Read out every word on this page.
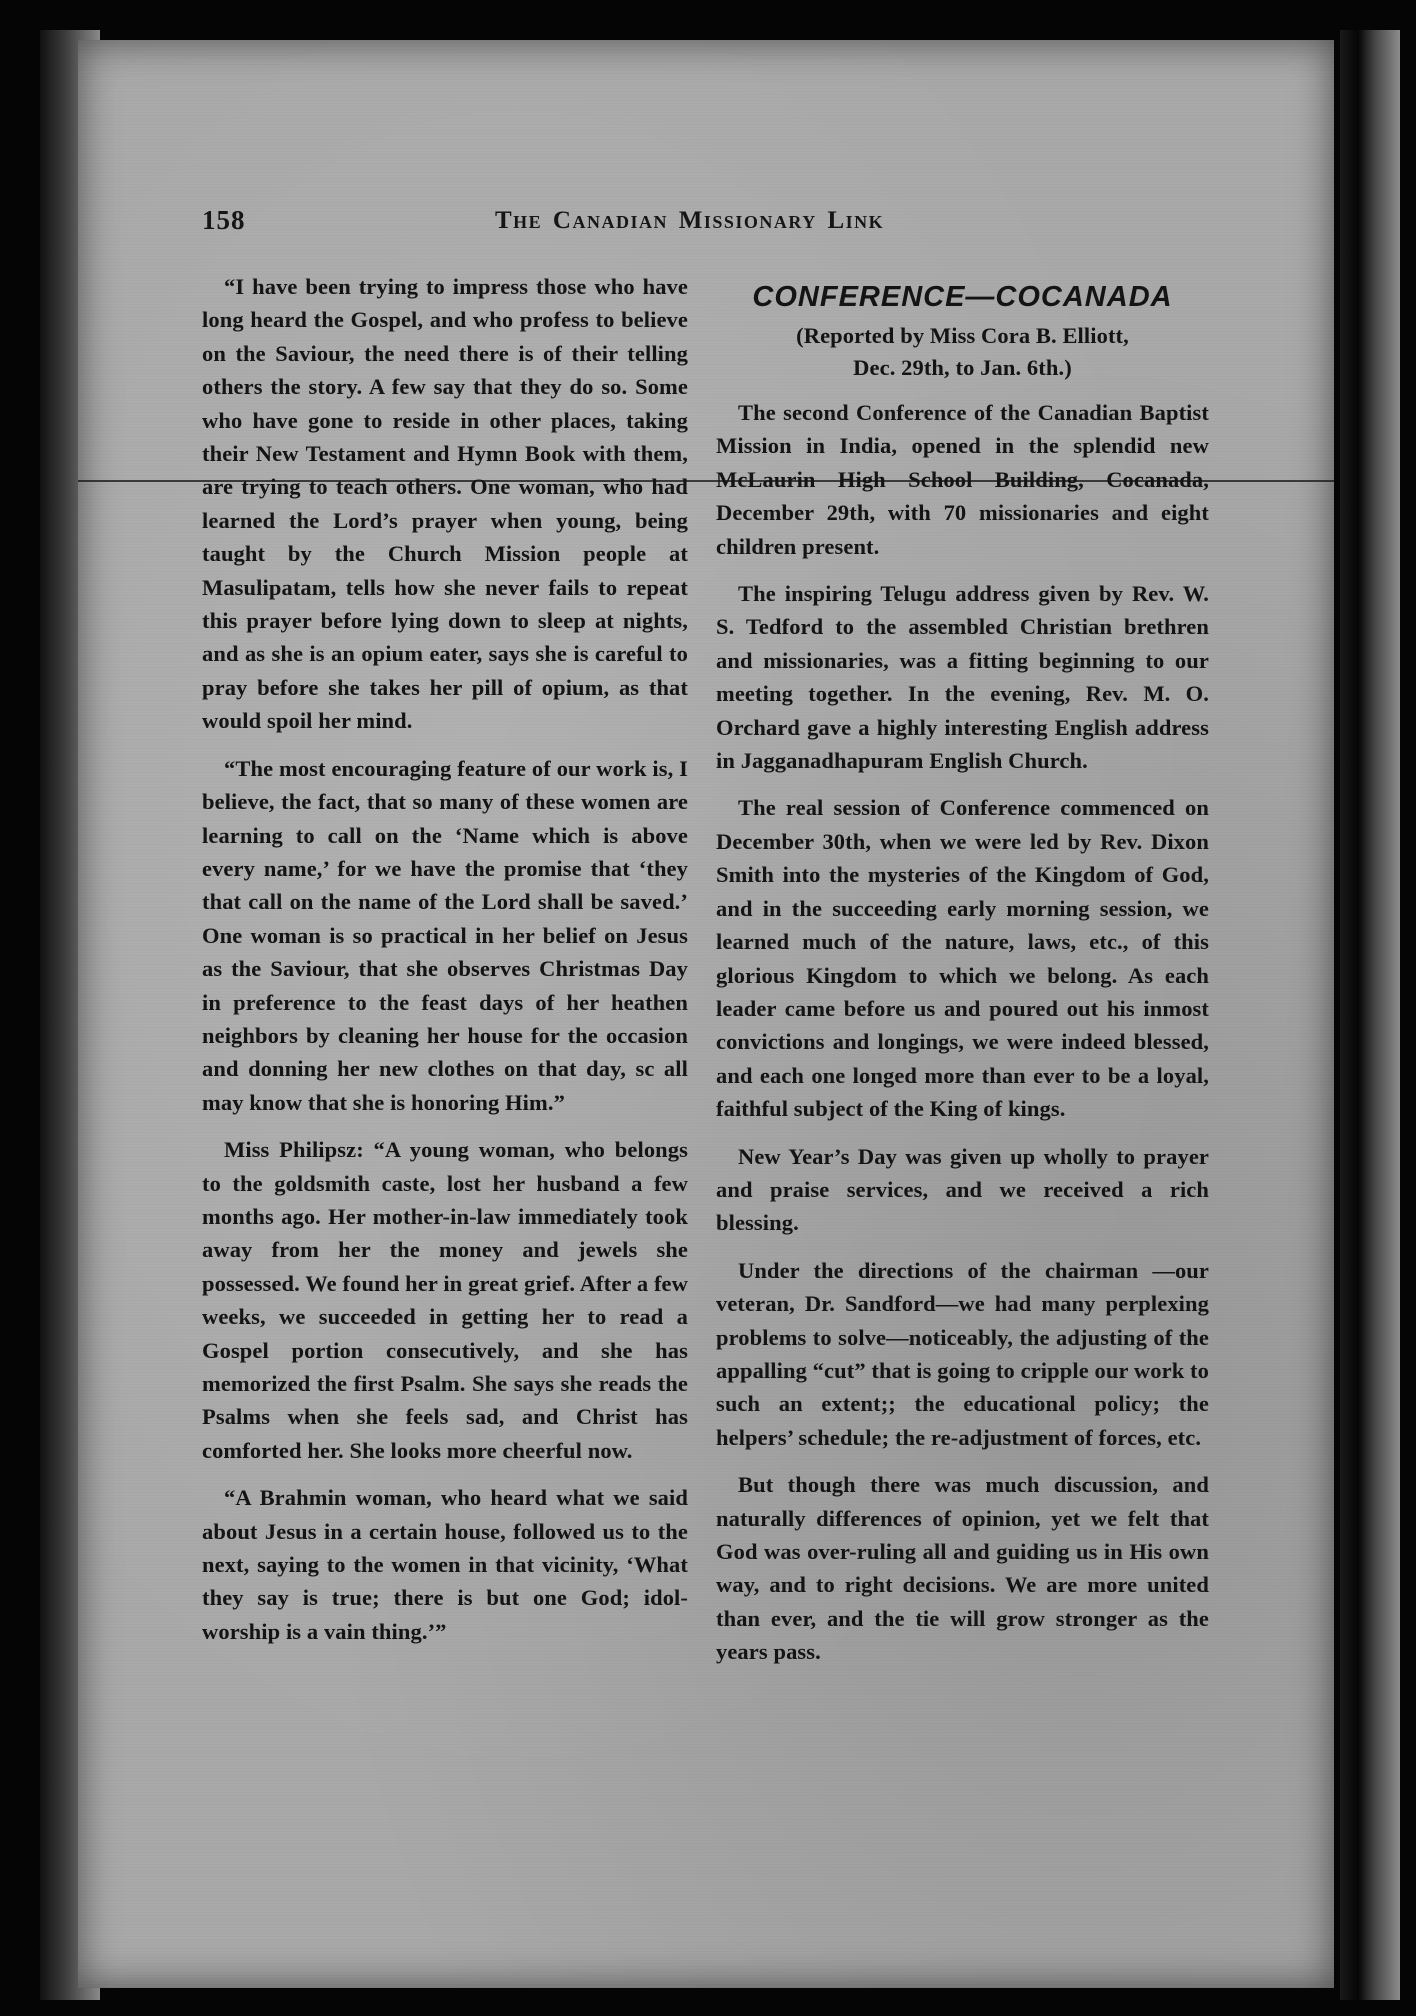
158	The Canadian Missionary Link

“I have been trying to impress those who have long heard the Gospel, and who profess to believe on the Saviour, the need there is of their telling others the story. A few say that they do so. Some who have gone to reside in other places, taking their New Testament and Hymn Book with them, are trying to teach others. One woman, who had learned the Lord’s prayer when young, being taught by the Church Mission people at Masulipatam, tells how she never fails to repeat this prayer before lying down to sleep at nights, and as she is an opium eater, says she is careful to pray before she takes her pill of opium, as that would spoil her mind.

“The most encouraging feature of our work is, I believe, the fact, that so many of these women are learning to call on the ‘Name which is above every name,’ for we have the promise that ‘they that call on the name of the Lord shall be saved.’ One woman is so practical in her belief on Jesus as the Saviour, that she observes Christmas Day in preference to the feast days of her heathen neighbors by cleaning her house for the occasion and donning her new clothes on that day, sc all may know that she is honoring Him.”

Miss Philipsz: “A young woman, who belongs to the goldsmith caste, lost her husband a few months ago. Her mother-in-law immediately took away from her the money and jewels she possessed. We found her in great grief. After a few weeks, we succeeded in getting her to read a Gospel portion consecutively, and she has memorized the first Psalm. She says she reads the Psalms when she feels sad, and Christ has comforted her. She looks more cheerful now.

“A Brahmin woman, who heard what we said about Jesus in a certain house, followed us to the next, saying to the women in that vicinity, ‘What they say is true; there is but one God; idol-worship is a vain thing.’”

CONFERENCE—COCANADA
(Reported by Miss Cora B. Elliott,
Dec. 29th, to Jan. 6th.)

The second Conference of the Canadian Baptist Mission in India, opened in the splendid new McLaurin High School Building, Cocanada, December 29th, with 70 missionaries and eight children present.

The inspiring Telugu address given by Rev. W. S. Tedford to the assembled Christian brethren and missionaries, was a fitting beginning to our meeting together. In the evening, Rev. M. O. Orchard gave a highly interesting English address in Jagganadhapuram English Church.

The real session of Conference commenced on December 30th, when we were led by Rev. Dixon Smith into the mysteries of the Kingdom of God, and in the succeeding early morning session, we learned much of the nature, laws, etc., of this glorious Kingdom to which we belong. As each leader came before us and poured out his inmost convictions and longings, we were indeed blessed, and each one longed more than ever to be a loyal, faithful subject of the King of kings.

New Year’s Day was given up wholly to prayer and praise services, and we received a rich blessing.

Under the directions of the chairman —our veteran, Dr. Sandford—we had many perplexing problems to solve—noticeably, the adjusting of the appalling “cut” that is going to cripple our work to such an extent;; the educational policy; the helpers’ schedule; the re-adjustment of forces, etc.

But though there was much discussion, and naturally differences of opinion, yet we felt that God was over-ruling all and guiding us in His own way, and to right decisions. We are more united than ever, and the tie will grow stronger as the years pass.
